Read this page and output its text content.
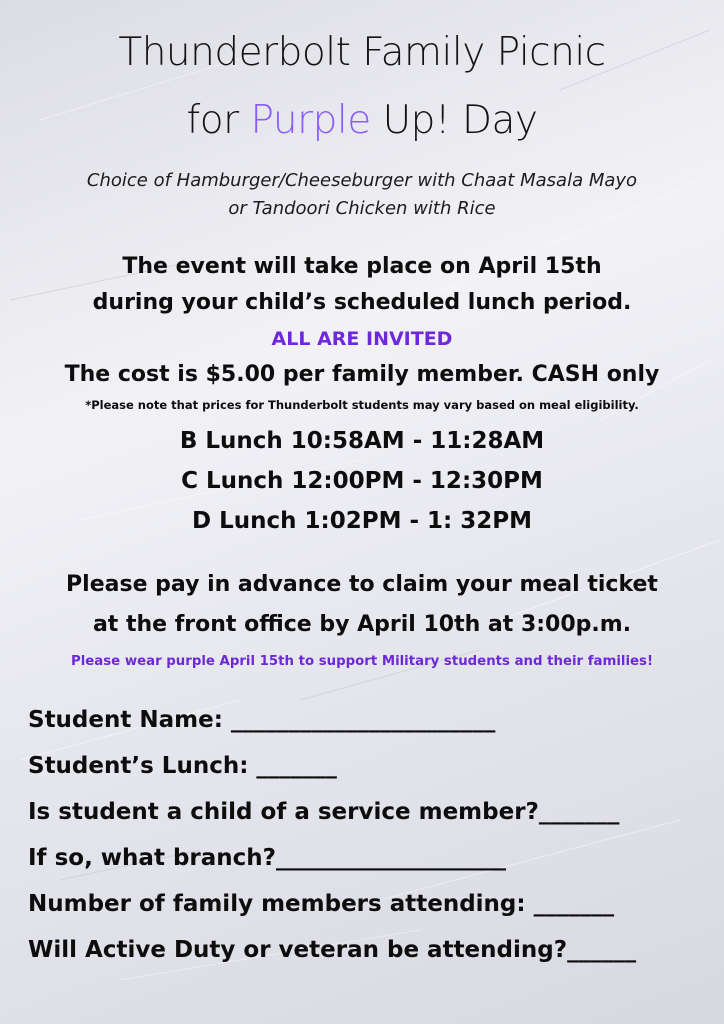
Thunderbolt Family Picnic
for Purple Up! Day
Choice of Hamburger/Cheeseburger with Chaat Masala Mayo
or Tandoori Chicken with Rice
The event will take place on April 15th
during your child’s scheduled lunch period.
ALL ARE INVITED
The cost is $5.00 per family member. CASH only
*Please note that prices for Thunderbolt students may vary based on meal eligibility.
B Lunch 10:58AM - 11:28AM
C Lunch 12:00PM - 12:30PM
D Lunch 1:02PM - 1: 32PM
Please pay in advance to claim your meal ticket
at the front office by April 10th at 3:00p.m.
Please wear purple April 15th to support Military students and their families!
Student Name: _______________________
Student’s Lunch: _______
Is student a child of a service member?_______
If so, what branch?____________________
Number of family members attending: _______
Will Active Duty or veteran be attending?______
